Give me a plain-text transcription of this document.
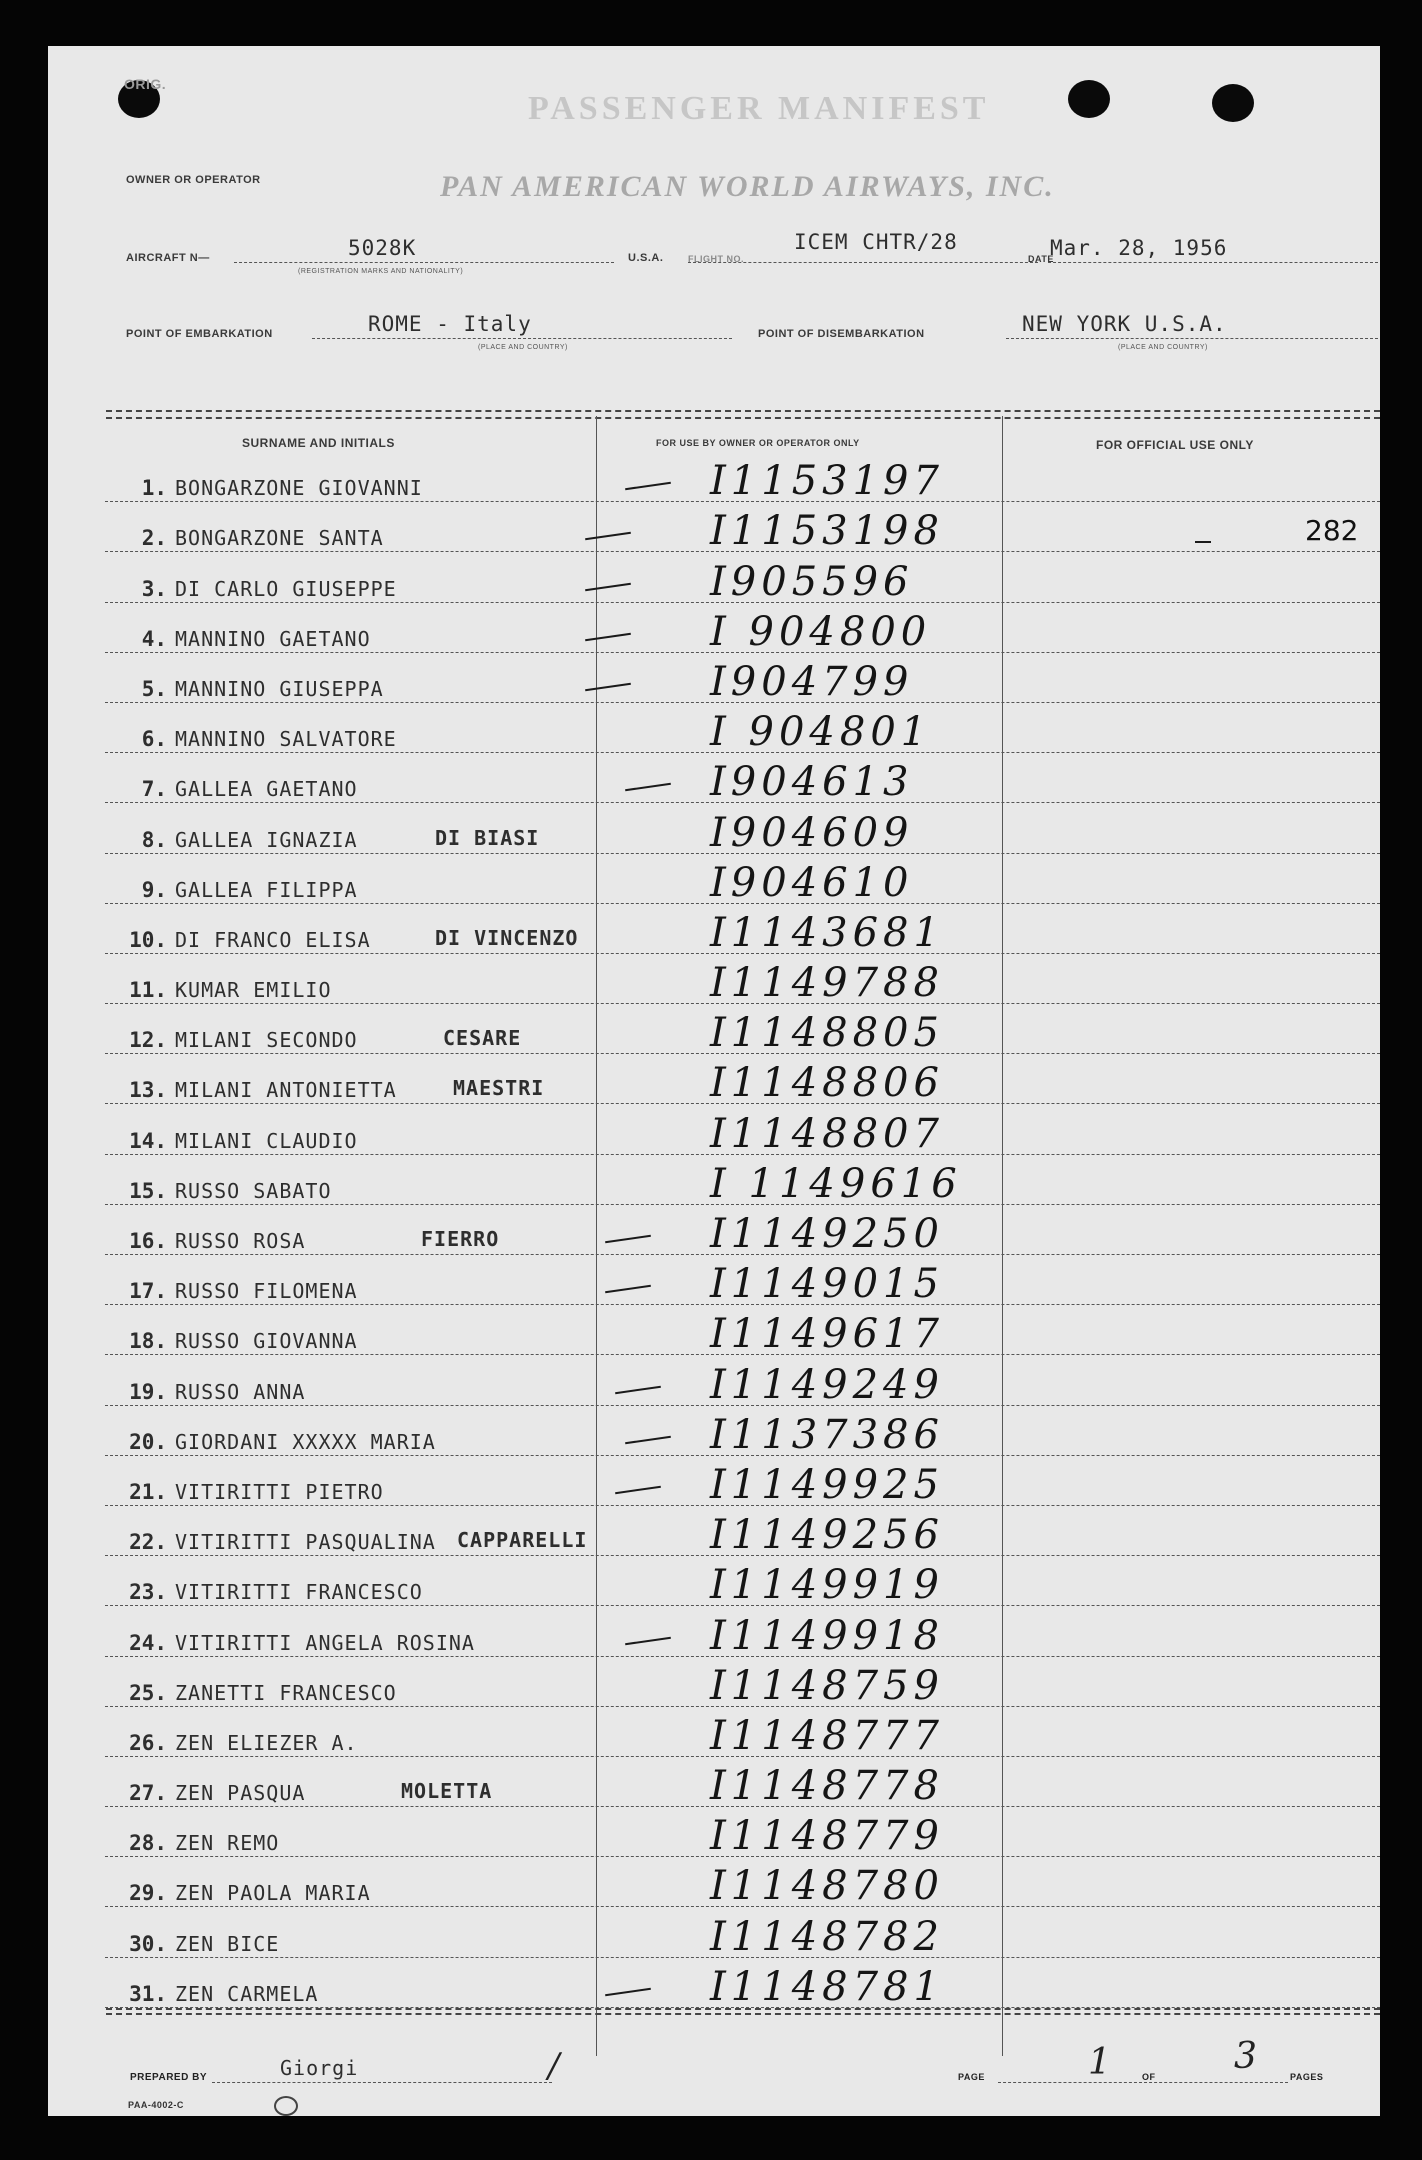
ORIG.
PASSENGER MANIFEST
OWNER OR OPERATOR	PAN AMERICAN WORLD AIRWAYS, INC.
AIRCRAFT N—	5028K
(REGISTRATION MARKS AND NATIONALITY)
U.S.A.	FLIGHT NO.
ICEM CHTR/28
DATE
Mar. 28, 1956
POINT OF EMBARKATION	ROME - Italy
(PLACE AND COUNTRY)
POINT OF DISEMBARKATION	NEW YORK U.S.A.
(PLACE AND COUNTRY)
SURNAME AND INITIALS	FOR USE BY OWNER OR OPERATOR ONLY	FOR OFFICIAL USE ONLY
1. BONGARZONE GIOVANNI	I1153197
2. BONGARZONE SANTA	I1153198	282
3. DI CARLO GIUSEPPE	I905596
4. MANNINO GAETANO	I 904800
5. MANNINO GIUSEPPA	I904799
6. MANNINO SALVATORE	I 904801
7. GALLEA GAETANO	I904613
8. GALLEA IGNAZIA	DI BIASI	I904609
9. GALLEA FILIPPA	I904610
10. DI FRANCO ELISA	DI VINCENZO	I1143681
11. KUMAR EMILIO	I1149788
12. MILANI SECONDO	CESARE	I1148805
13. MILANI ANTONIETTA	MAESTRI	I1148806
14. MILANI CLAUDIO	I1148807
15. RUSSO SABATO	I 1149616
16. RUSSO ROSA	FIERRO	I1149250
17. RUSSO FILOMENA	I1149015
18. RUSSO GIOVANNA	I1149617
19. RUSSO ANNA	I1149249
20. GIORDANI XXXXX MARIA	I1137386
21. VITIRITTI PIETRO	I1149925
22. VITIRITTI PASQUALINA CAPPARELLI	I1149256
23. VITIRITTI FRANCESCO	I1149919
24. VITIRITTI ANGELA ROSINA	I1149918
25. ZANETTI FRANCESCO	I1148759
26. ZEN ELIEZER A.	I1148777
27. ZEN PASQUA	MOLETTA	I1148778
28. ZEN REMO	I1148779
29. ZEN PAOLA MARIA	I1148780
30. ZEN BICE	I1148782
31. ZEN CARMELA	I1148781
PREPARED BY	Giorgi	/	PAGE	1	OF 3	PAGES
PAA-4002-C
